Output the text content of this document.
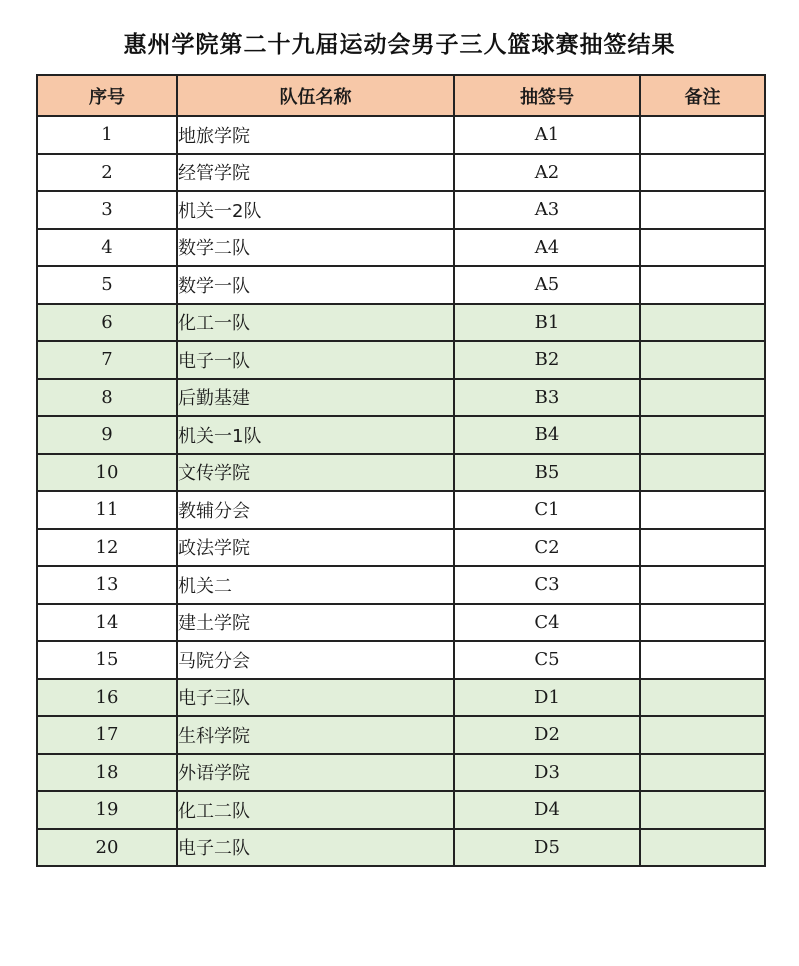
惠州学院第二十九届运动会男子三人篮球赛抽签结果
序号	队伍名称	抽签号	备注
1	地旅学院	A1	
2	经管学院	A2	
3	机关一2队	A3	
4	数学二队	A4	
5	数学一队	A5	
6	化工一队	B1	
7	电子一队	B2	
8	后勤基建	B3	
9	机关一1队	B4	
10	文传学院	B5	
11	教辅分会	C1	
12	政法学院	C2	
13	机关二	C3	
14	建土学院	C4	
15	马院分会	C5	
16	电子三队	D1	
17	生科学院	D2	
18	外语学院	D3	
19	化工二队	D4	
20	电子二队	D5	
